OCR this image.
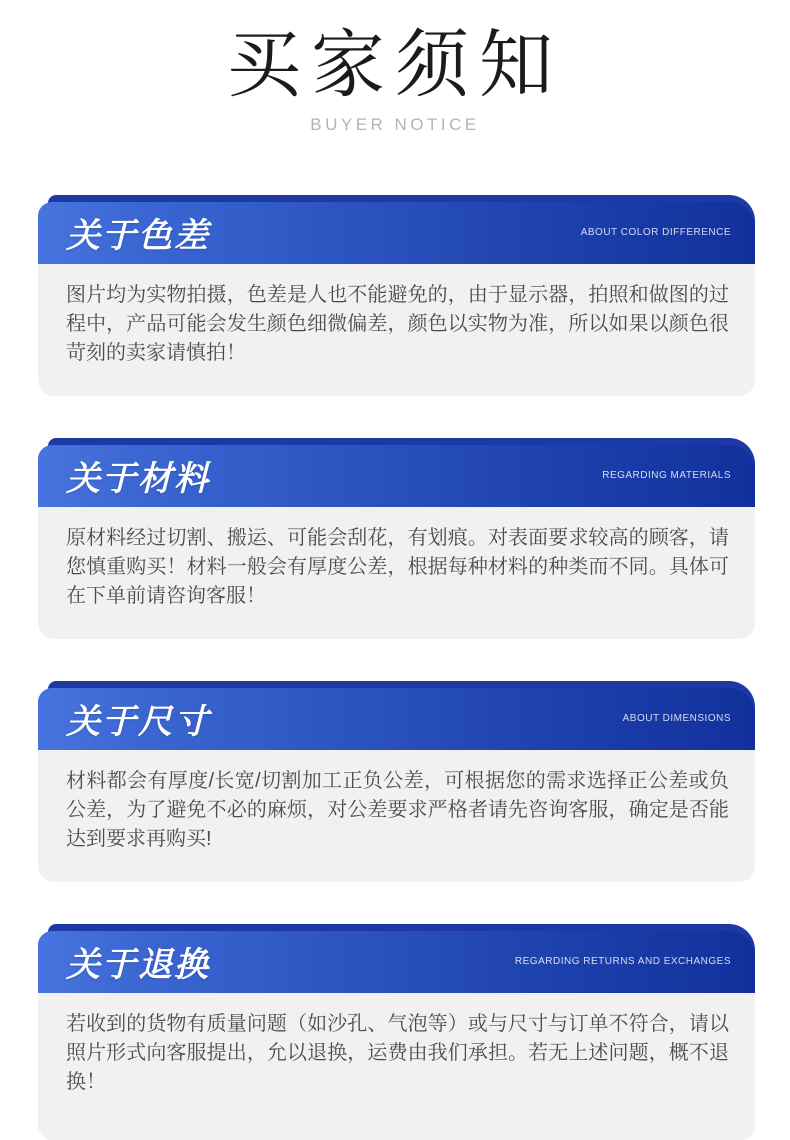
买家须知
BUYER NOTICE
关于色差	ABOUT COLOR DIFFERENCE
图片均为实物拍摄，色差是人也不能避免的，由于显示器，拍照和做图的过程中，产品可能会发生颜色细微偏差，颜色以实物为准，所以如果以颜色很苛刻的卖家请慎拍！
关于材料	REGARDING MATERIALS
原材料经过切割、搬运、可能会刮花，有划痕。对表面要求较高的顾客，请您慎重购买！材料一般会有厚度公差，根据每种材料的种类而不同。具体可在下单前请咨询客服！
关于尺寸	ABOUT DIMENSIONS
材料都会有厚度/长宽/切割加工正负公差，可根据您的需求选择正公差或负公差，为了避免不必的麻烦，对公差要求严格者请先咨询客服，确定是否能达到要求再购买!
关于退换	REGARDING RETURNS AND EXCHANGES
若收到的货物有质量问题（如沙孔、气泡等）或与尺寸与订单不符合，请以照片形式向客服提出，允以退换，运费由我们承担。若无上述问题，概不退换！
